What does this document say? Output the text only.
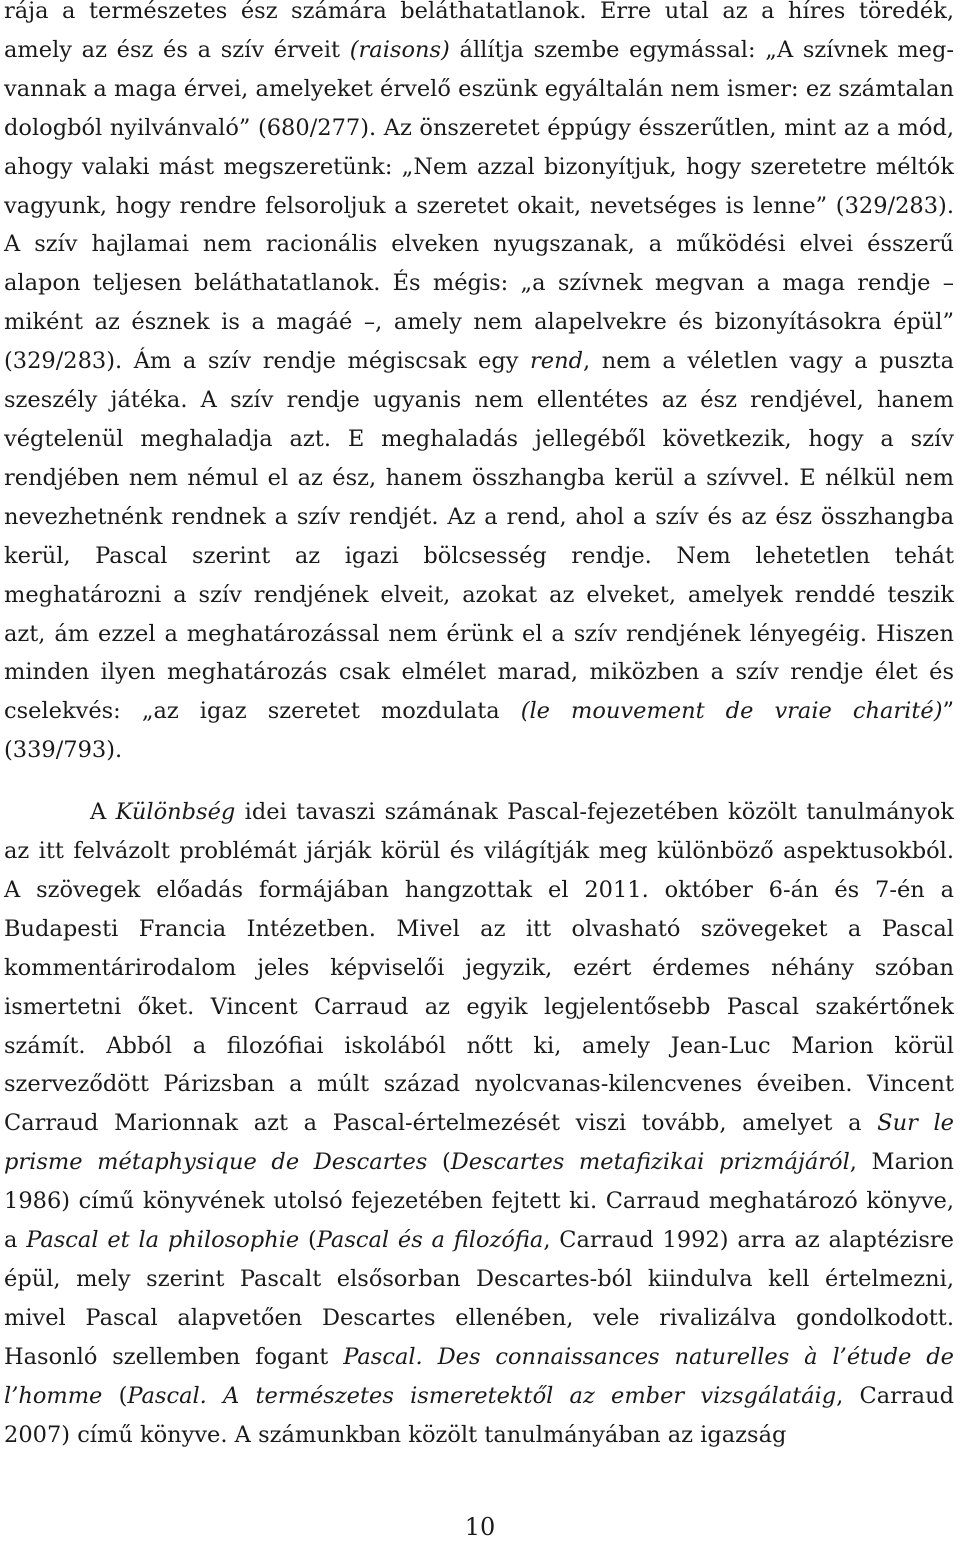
rája a természetes ész számára beláthatatlanok. Erre utal az a híres töredék, amely az ész és a szív érveit (raisons) állítja szembe egymással: „A szívnek megvannak a maga érvei, amelyeket érvelő eszünk egyáltalán nem ismer: ez számtalan dologból nyilvánvaló” (680/277). Az önszeretet éppúgy ésszerűtlen, mint az a mód, ahogy valaki mást megszeretünk: „Nem azzal bizonyítjuk, hogy szeretetre méltók vagyunk, hogy rendre felsoroljuk a szeretet okait, nevetséges is lenne” (329/283). A szív hajlamai nem racionális elveken nyugszanak, a működési elvei ésszerű alapon teljesen beláthatatlanok. És mégis: „a szívnek megvan a maga rendje – miként az észnek is a magáé –, amely nem alapelvekre és bizonyításokra épül” (329/283). Ám a szív rendje mégiscsak egy rend, nem a véletlen vagy a puszta szeszély játéka. A szív rendje ugyanis nem ellentétes az ész rendjével, hanem végtelenül meghaladja azt. E meghaladás jellegéből következik, hogy a szív rendjében nem némul el az ész, hanem összhangba kerül a szívvel. E nélkül nem nevezhetnénk rendnek a szív rendjét. Az a rend, ahol a szív és az ész összhangba kerül, Pascal szerint az igazi bölcsesség rendje. Nem lehetetlen tehát meghatározni a szív rendjének elveit, azokat az elveket, amelyek renddé teszik azt, ám ezzel a meghatározással nem érünk el a szív rendjének lényegéig. Hiszen minden ilyen meghatározás csak elmélet marad, miközben a szív rendje élet és cselekvés: „az igaz szeretet mozdulata (le mouvement de vraie charité)” (339/793).

A Különbség idei tavaszi számának Pascal-fejezetében közölt tanulmányok az itt felvázolt problémát járják körül és világítják meg különböző aspektusokból. A szövegek előadás formájában hangzottak el 2011. október 6-án és 7-én a Budapesti Francia Intézetben. Mivel az itt olvasható szövegeket a Pascal kommentárirodalom jeles képviselői jegyzik, ezért érdemes néhány szóban ismertetni őket. Vincent Carraud az egyik legjelentősebb Pascal szakértőnek számít. Abból a filozófiai iskolából nőtt ki, amely Jean-Luc Marion körül szerveződött Párizsban a múlt század nyolcvanas-kilencvenes éveiben. Vincent Carraud Marionnak azt a Pascal-értelmezését viszi tovább, amelyet a Sur le prisme métaphysique de Descartes (Descartes metafizikai prizmájáról, Marion 1986) című könyvének utolsó fejezetében fejtett ki. Carraud meghatározó könyve, a Pascal et la philosophie (Pascal és a filozófia, Carraud 1992) arra az alaptézisre épül, mely szerint Pascalt elsősorban Descartes-ból kiindulva kell értelmezni, mivel Pascal alapvetően Descartes ellenében, vele rivalizálva gondolkodott. Hasonló szellemben fogant Pascal. Des connaissances naturelles à l’étude de l’homme (Pascal. A természetes ismeretektől az ember vizsgálatáig, Carraud 2007) című könyve. A számunkban közölt tanulmányában az igazság

10
